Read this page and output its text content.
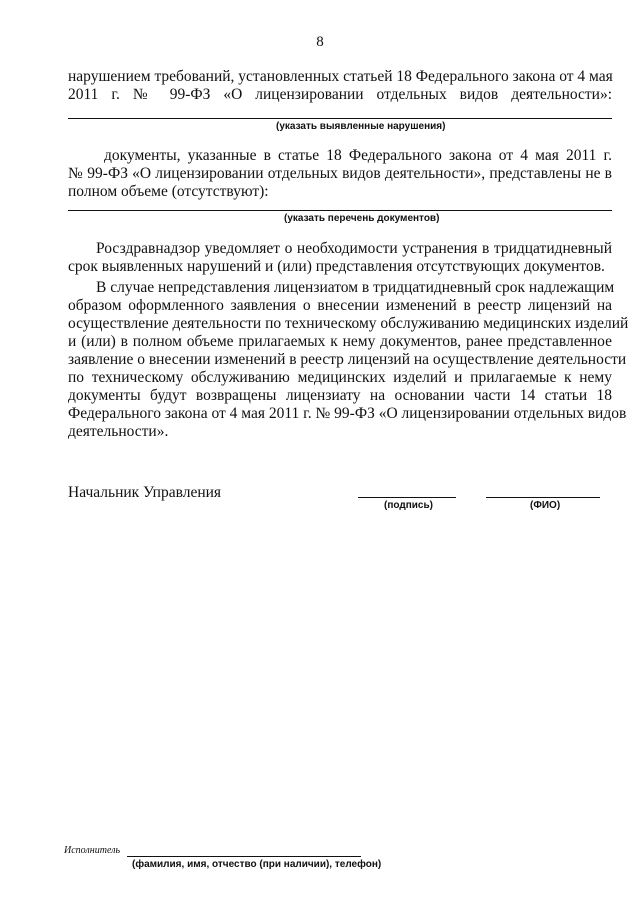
8
нарушением требований, установленных статьей 18 Федерального закона от 4 мая
2011 г. № 99-ФЗ «О лицензировании отдельных видов деятельности»:
(указать выявленные нарушения)
документы, указанные в статье 18 Федерального закона от 4 мая 2011 г.
№ 99-ФЗ «О лицензировании отдельных видов деятельности», представлены не в
полном объеме (отсутствуют):
(указать перечень документов)
Росздравнадзор уведомляет о необходимости устранения в тридцатидневный
срок выявленных нарушений и (или) представления отсутствующих документов.
В случае непредставления лицензиатом в тридцатидневный срок надлежащим
образом оформленного заявления о внесении изменений в реестр лицензий на
осуществление деятельности по техническому обслуживанию медицинских изделий
и (или) в полном объеме прилагаемых к нему документов, ранее представленное
заявление о внесении изменений в реестр лицензий на осуществление деятельности
по техническому обслуживанию медицинских изделий и прилагаемые к нему
документы будут возвращены лицензиату на основании части 14 статьи 18
Федерального закона от 4 мая 2011 г. № 99-ФЗ «О лицензировании отдельных видов
деятельности».
Начальник Управления
(подпись)	(ФИО)
Исполнитель
(фамилия, имя, отчество (при наличии), телефон)
